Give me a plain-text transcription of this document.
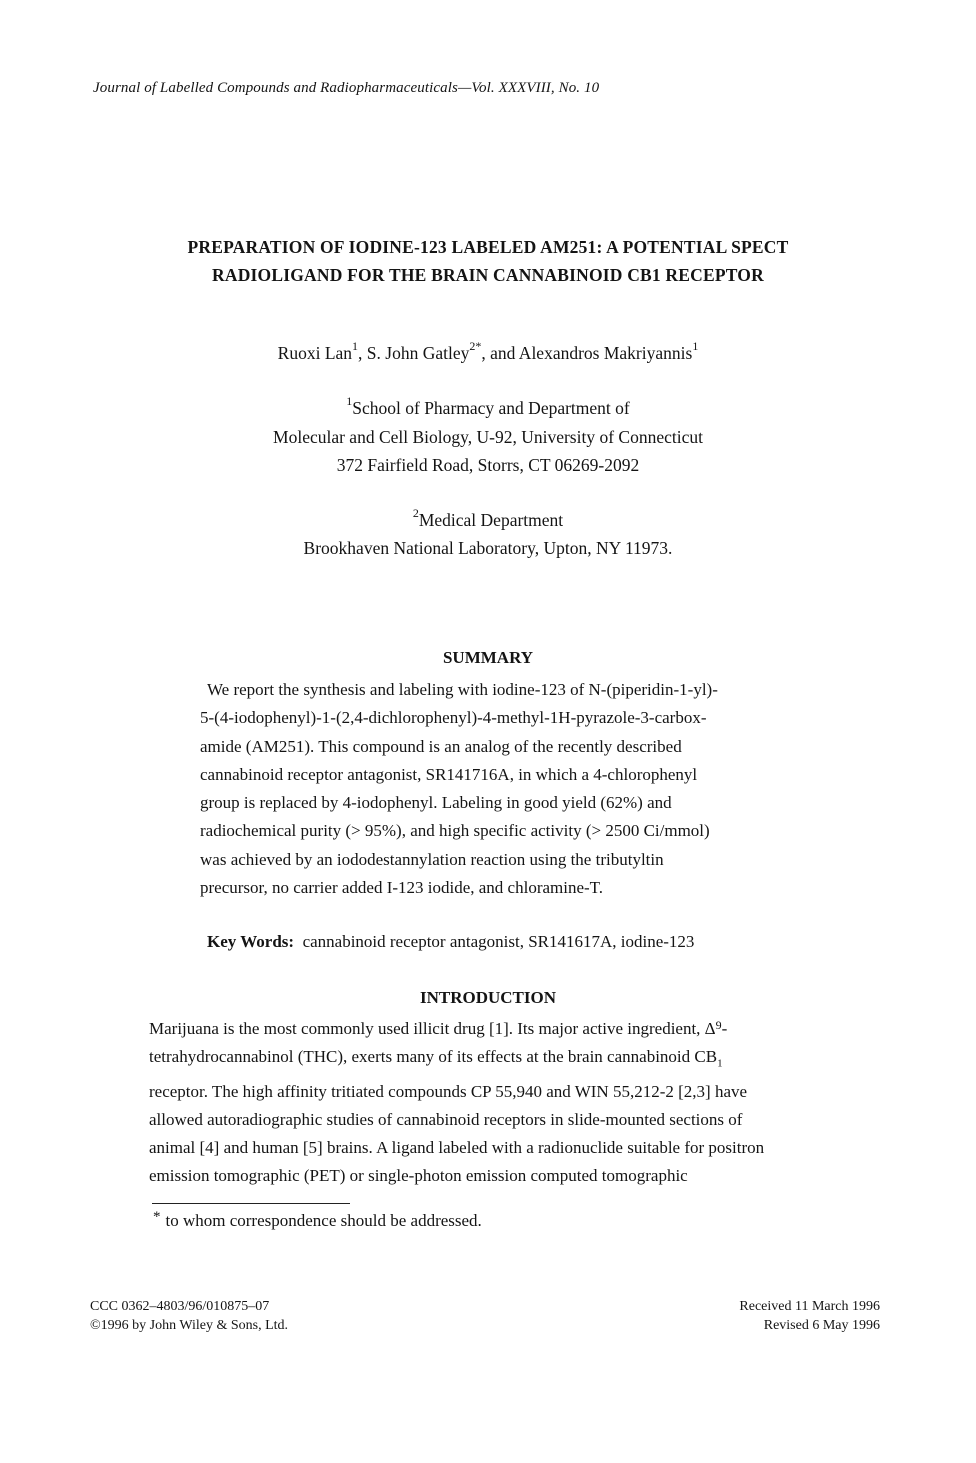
Journal of Labelled Compounds and Radiopharmaceuticals—Vol. XXXVIII, No. 10
PREPARATION OF IODINE-123 LABELED AM251: A POTENTIAL SPECT
RADIOLIGAND FOR THE BRAIN CANNABINOID CB1 RECEPTOR
Ruoxi Lan$^1$, S. John Gatley$^{2*}$, and Alexandros Makriyannis$^1$
$^1$School of Pharmacy and Department of
Molecular and Cell Biology, U-92, University of Connecticut
372 Fairfield Road, Storrs, CT 06269-2092
$^2$Medical Department
Brookhaven National Laboratory, Upton, NY 11973.
SUMMARY

We report the synthesis and labeling with iodine-123 of N-(piperidin-1-yl)-

5-(4-iodophenyl)-1-(2,4-dichlorophenyl)-4-methyl-1H-pyrazole-3-carbox-

amide (AM251). This compound is an analog of the recently described

cannabinoid receptor antagonist, SR141716A, in which a 4-chlorophenyl

group is replaced by 4-iodophenyl. Labeling in good yield (62%) and

radiochemical purity (> 95%), and high specific activity (> 2500 Ci/mmol)

was achieved by an iododestannylation reaction using the tributyltin

precursor, no carrier added I-123 iodide, and chloramine-T.

Key Words: cannabinoid receptor antagonist, SR141617A, iodine-123
INTRODUCTION

Marijuana is the most commonly used illicit drug [1]. Its major active ingredient, $\Delta^9-$

tetrahydrocannabinol (THC), exerts many of its effects at the brain cannabinoid $CB_1$

receptor. The high affinity tritiated compounds CP 55,940 and WIN 55,212-2 [2,3] have

allowed autoradiographic studies of cannabinoid receptors in slide-mounted sections of

animal [4] and human [5] brains. A ligand labeled with a radionuclide suitable for positron

emission tomographic (PET) or single-photon emission computed tomographic

* to whom correspondence should be addressed.
CCC 0362–4803/96/010875–07
©1996 by John Wiley & Sons, Ltd.
Received 11 March 1996
Revised 6 May 1996
